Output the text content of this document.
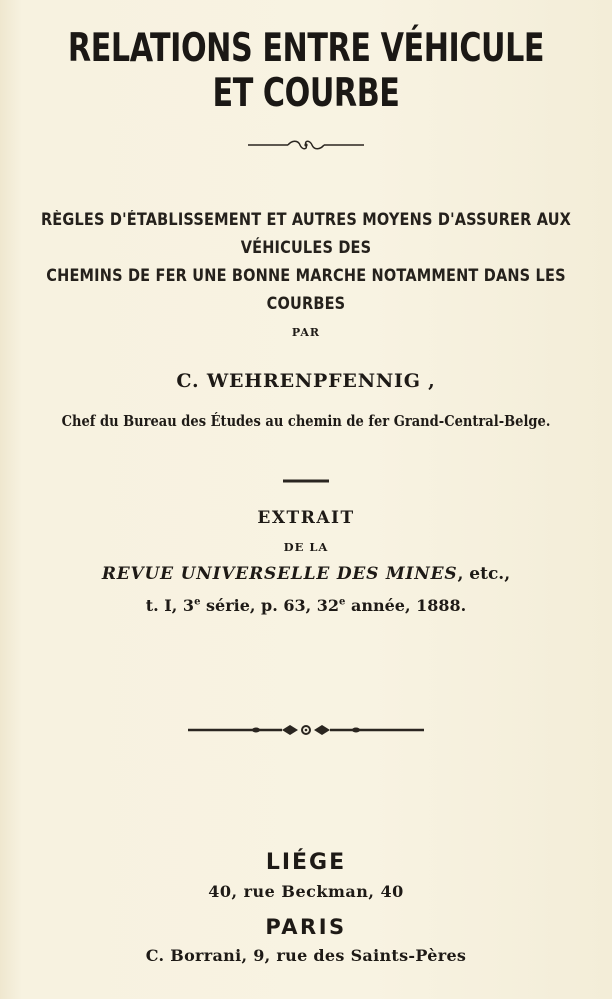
RELATIONS ENTRE VÉHICULE ET COURBE
RÈGLES D'ÉTABLISSEMENT ET AUTRES MOYENS D'ASSURER AUX VÉHICULES DES
CHEMINS DE FER UNE BONNE MARCHE NOTAMMENT DANS LES COURBES
PAR
C. WEHRENPFENNIG ,
Chef du Bureau des Études au chemin de fer Grand-Central-Belge.
EXTRAIT
DE LA
REVUE UNIVERSELLE DES MINES, etc.,
t. I, 3e série, p. 63, 32e année, 1888.
LIÉGE
40, rue Beckman, 40
PARIS
C. Borrani, 9, rue des Saints-Pères
